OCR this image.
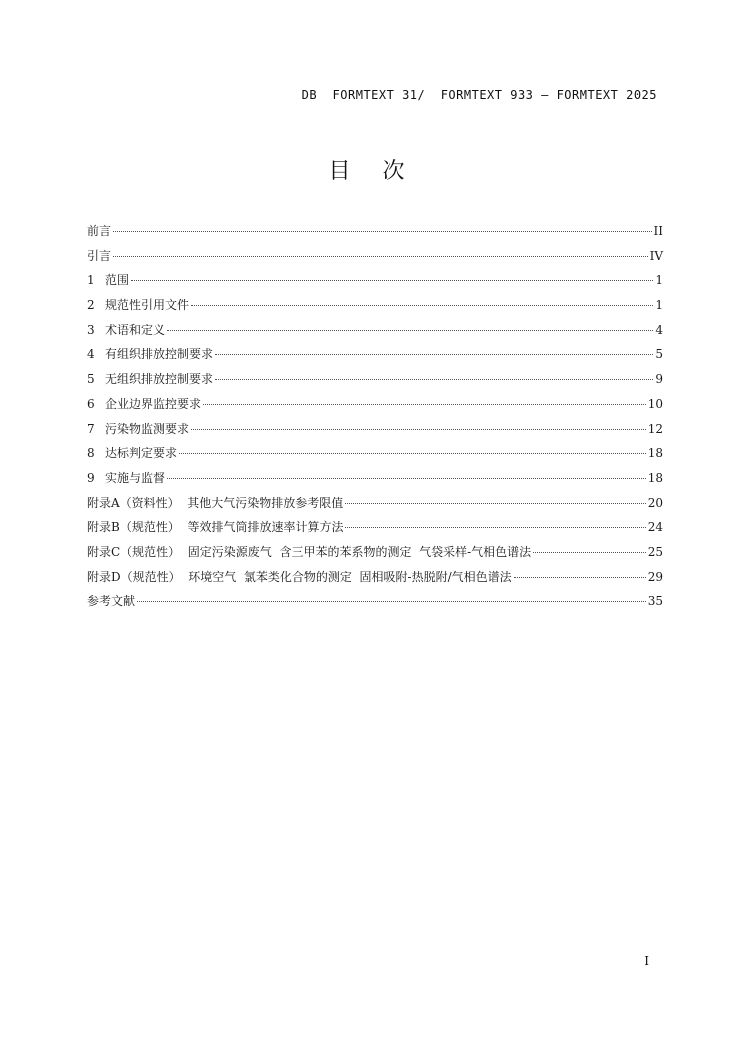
DB  FORMTEXT 31/  FORMTEXT 933 — FORMTEXT 2025
目次
前言	II
引言	IV
1 范围	1
2 规范性引用文件	1
3 术语和定义	4
4 有组织排放控制要求	5
5 无组织排放控制要求	9
6 企业边界监控要求	10
7 污染物监测要求	12
8 达标判定要求	18
9 实施与监督	18
附录A（资料性）  其他大气污染物排放参考限值	20
附录B（规范性）  等效排气筒排放速率计算方法	24
附录C（规范性）  固定污染源废气  含三甲苯的苯系物的测定  气袋采样-气相色谱法	25
附录D（规范性）  环境空气  氯苯类化合物的测定  固相吸附-热脱附/气相色谱法	29
参考文献	35
I
